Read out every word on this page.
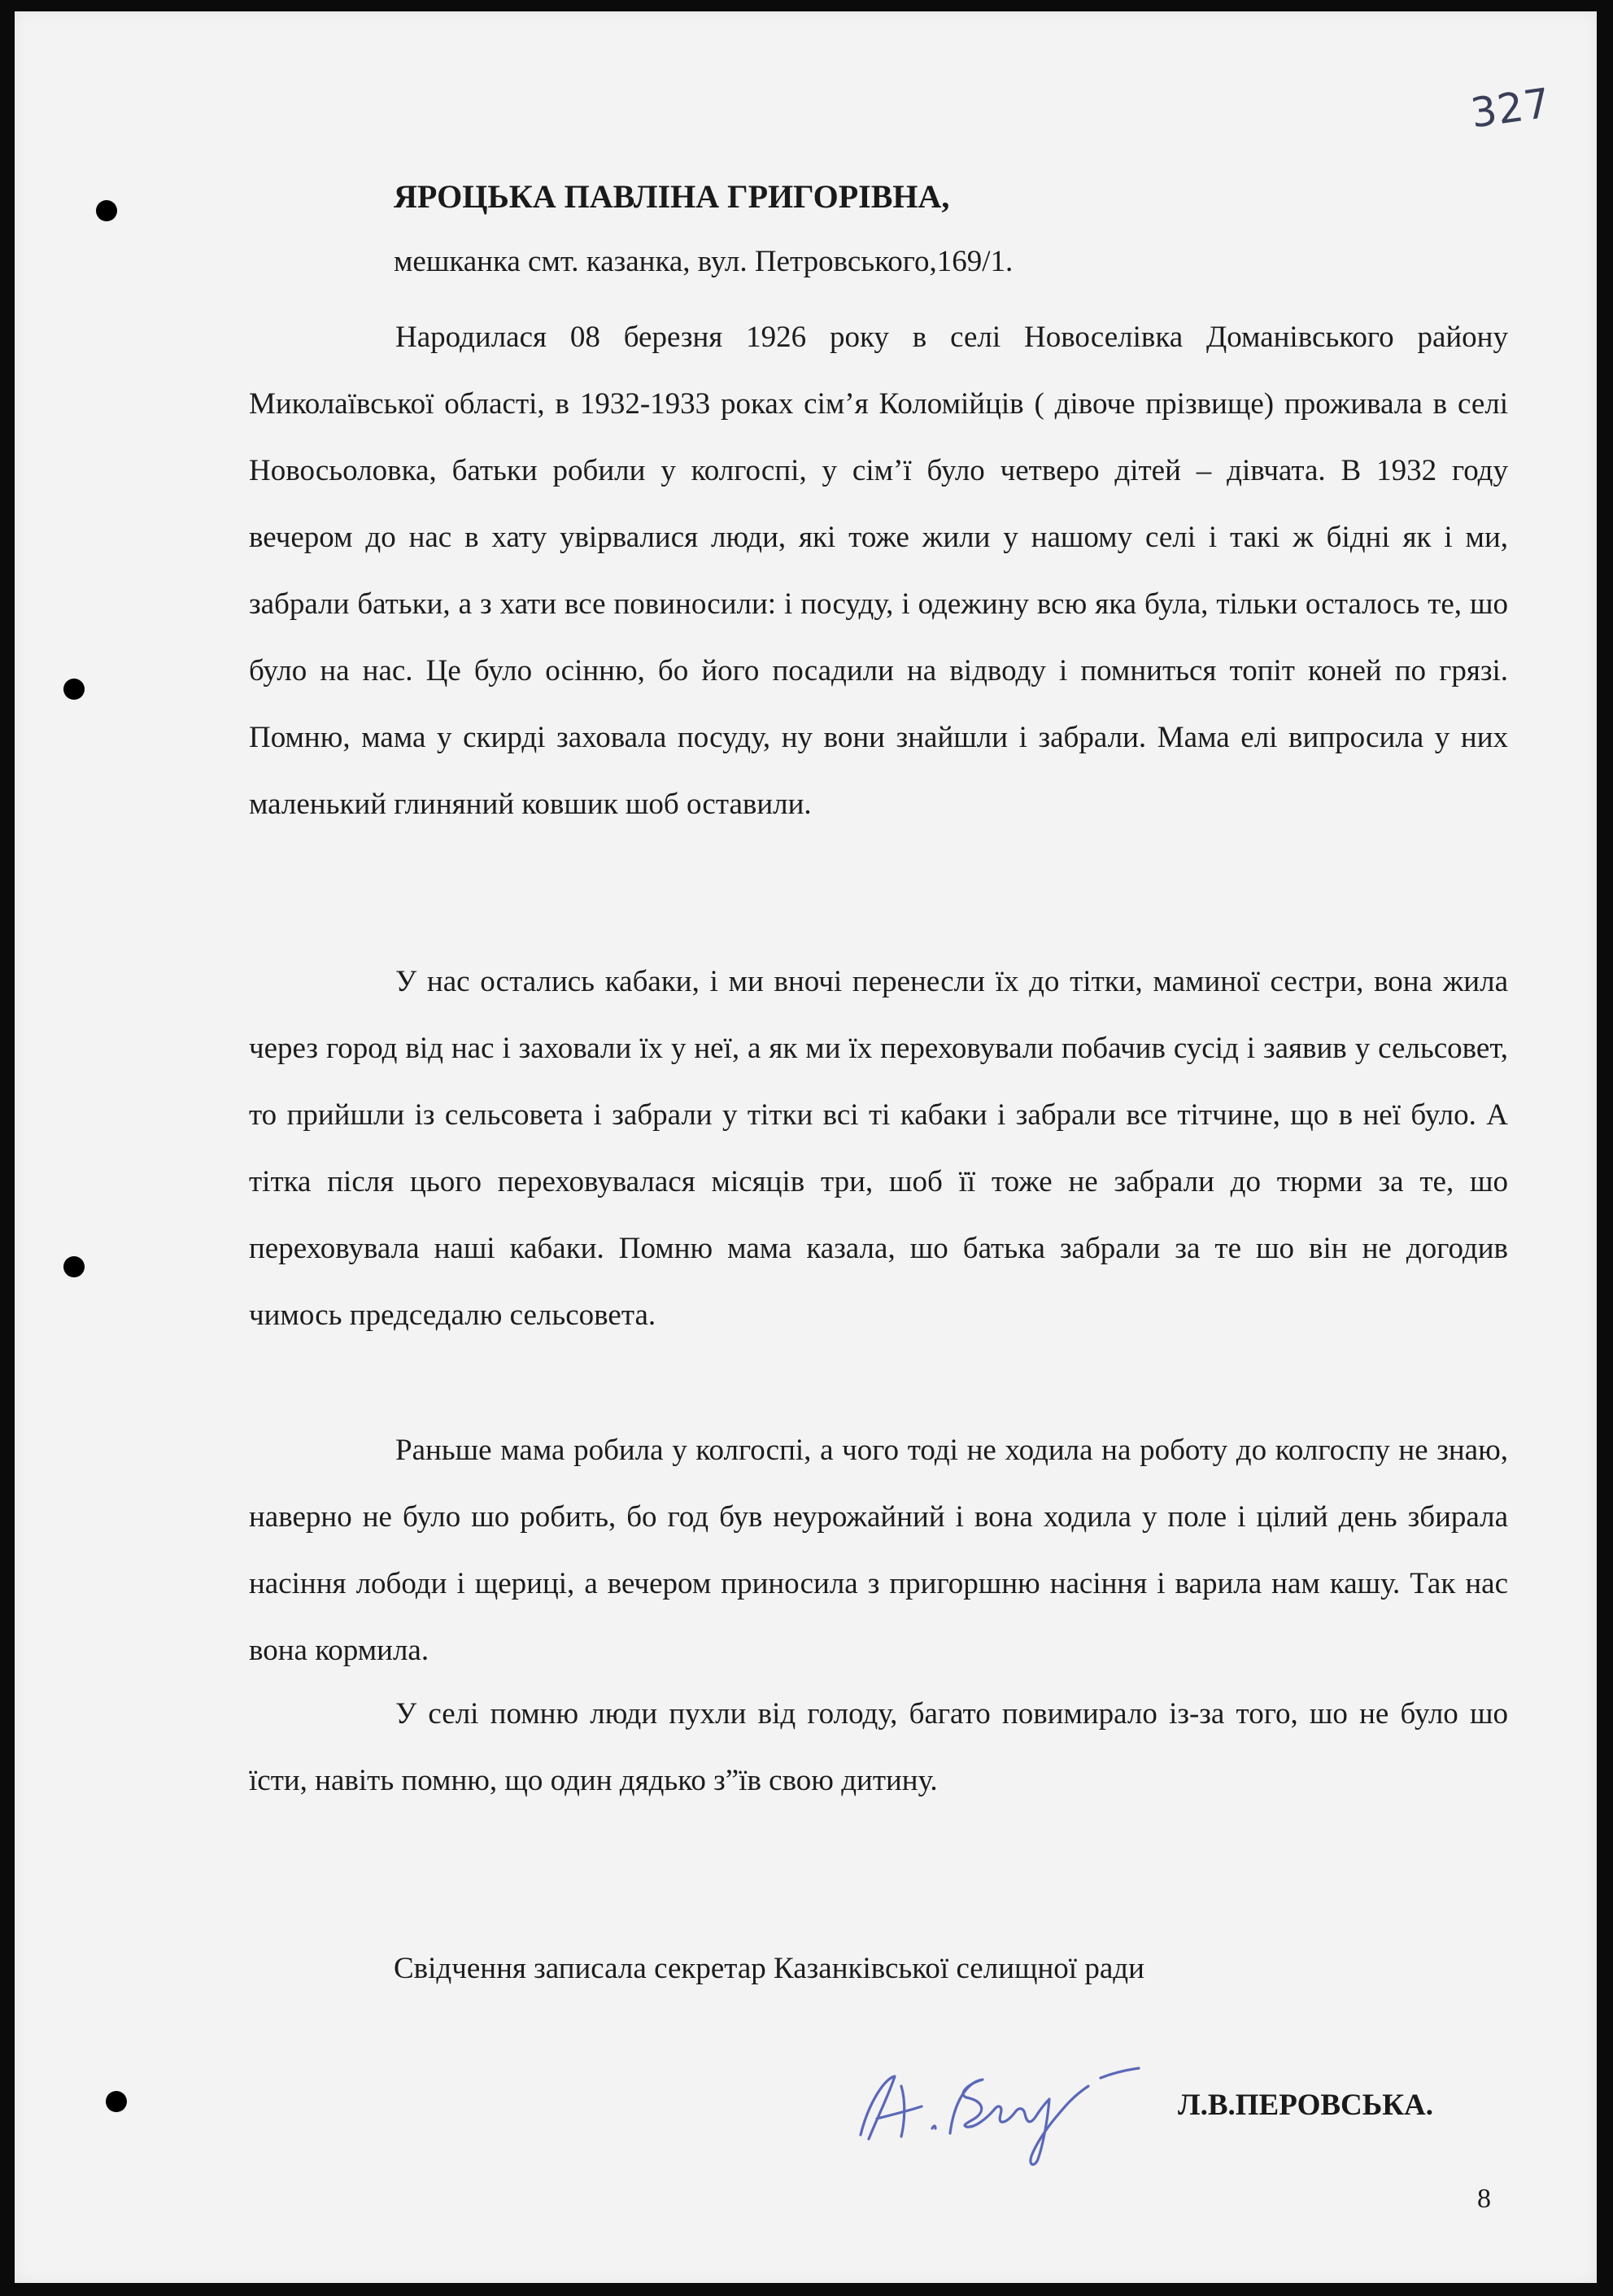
327
ЯРОЦЬКА ПАВЛІНА ГРИГОРІВНА,
мешканка смт. казанка, вул. Петровського,169/1.

Народилася 08 березня 1926 року в селі Новоселівка Доманівського району Миколаївської області, в 1932-1933 роках сім’я Коломійців ( дівоче прізвище) проживала в селі Новосьоловка, батьки робили у колгоспі, у сім’ї було четверо дітей – дівчата. В 1932 году вечером до нас в хату увірвалися люди, які тоже жили у нашому селі і такі ж бідні як і ми, забрали батьки, а з хати все повиносили: і посуду, і одежину всю яка була, тільки осталось те, шо було на нас. Це було осінню, бо його посадили на відводу і помниться топіт коней по грязі. Помню, мама у скирді заховала посуду, ну вони знайшли і забрали. Мама елі випросила у них маленький глиняний ковшик шоб оставили.

У нас остались кабаки, і ми вночі перенесли їх до тітки, маминої сестри, вона жила через город від нас і заховали їх у неї, а як ми їх переховували побачив сусід і заявив у сельсовет, то прийшли із сельсовета і забрали у тітки всі ті кабаки і забрали все тітчине, що в неї було. А тітка після цього переховувалася місяців три, шоб її тоже не забрали до тюрми за те, шо переховувала наші кабаки. Помню мама казала, шо батька забрали за те шо він не догодив чимось председалю сельсовета.

Раньше мама робила у колгоспі, а чого тоді не ходила на роботу до колгоспу не знаю, наверно не було шо робить, бо год був неурожайний і вона ходила у поле і цілий день збирала насіння лободи і щериці, а вечером приносила з пригоршню насіння і варила нам кашу. Так нас вона кормила.

У селі помню люди пухли від голоду, багато повимирало із-за того, шо не було шо їсти, навіть помню, що один дядько з”їв свою дитину.

Свідчення записала секретар Казанківської селищної ради
Л.В.ПЕРОВСЬКА.
8
